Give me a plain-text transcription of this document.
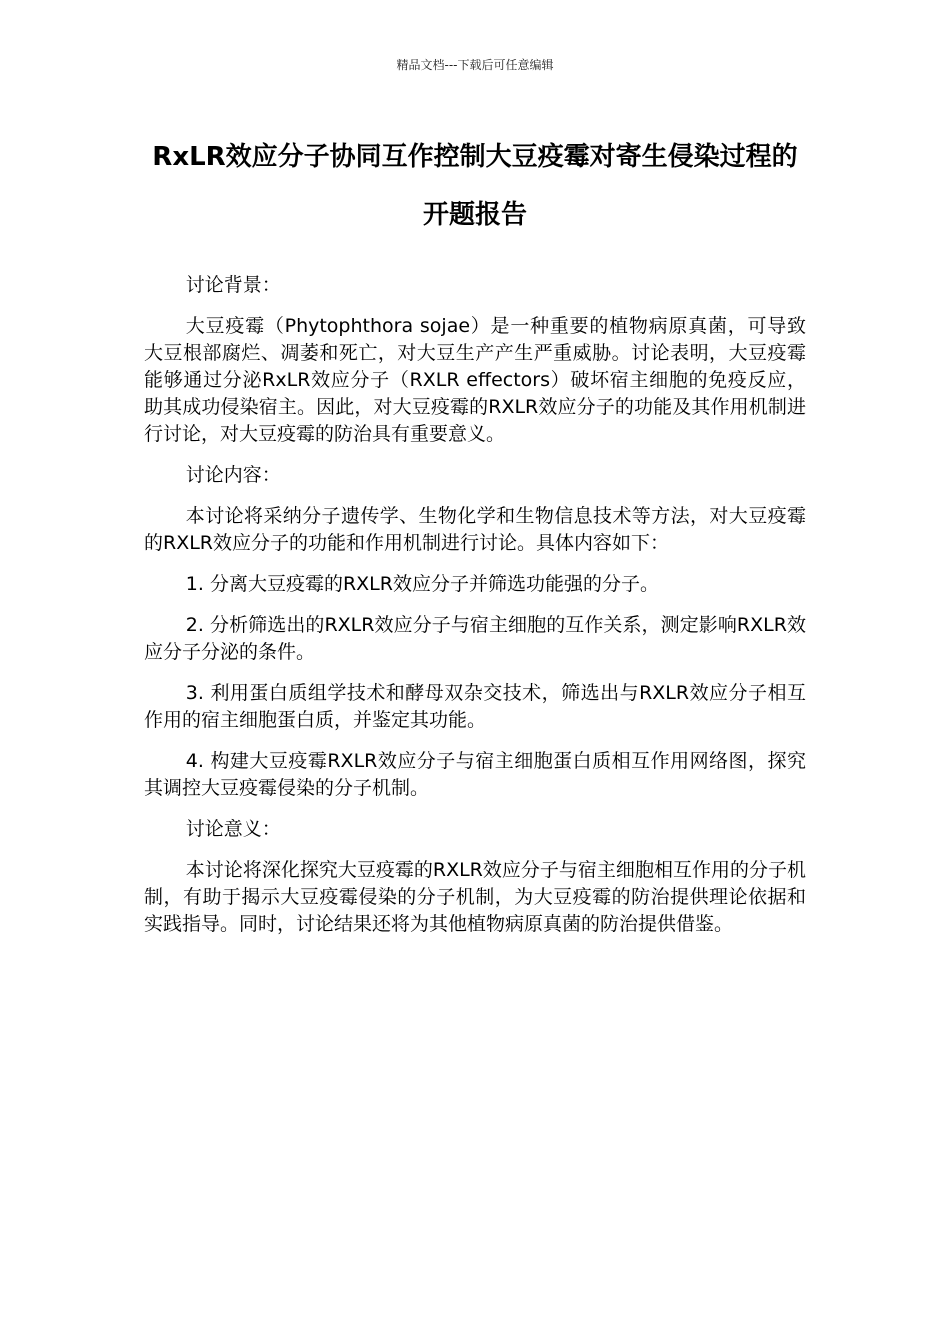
精品文档---下载后可任意编辑
RxLR效应分子协同互作控制大豆疫霉对寄生侵染过程的开题报告

讨论背景：

大豆疫霉（Phytophthora sojae）是一种重要的植物病原真菌，可导致大豆根部腐烂、凋萎和死亡，对大豆生产产生严重威胁。讨论表明，大豆疫霉能够通过分泌RxLR效应分子（RXLR effectors）破坏宿主细胞的免疫反应，助其成功侵染宿主。因此，对大豆疫霉的RXLR效应分子的功能及其作用机制进行讨论，对大豆疫霉的防治具有重要意义。

讨论内容：

本讨论将采纳分子遗传学、生物化学和生物信息技术等方法，对大豆疫霉的RXLR效应分子的功能和作用机制进行讨论。具体内容如下：

1. 分离大豆疫霉的RXLR效应分子并筛选功能强的分子。

2. 分析筛选出的RXLR效应分子与宿主细胞的互作关系，测定影响RXLR效应分子分泌的条件。

3. 利用蛋白质组学技术和酵母双杂交技术，筛选出与RXLR效应分子相互作用的宿主细胞蛋白质，并鉴定其功能。

4. 构建大豆疫霉RXLR效应分子与宿主细胞蛋白质相互作用网络图，探究其调控大豆疫霉侵染的分子机制。

讨论意义：

本讨论将深化探究大豆疫霉的RXLR效应分子与宿主细胞相互作用的分子机制，有助于揭示大豆疫霉侵染的分子机制，为大豆疫霉的防治提供理论依据和实践指导。同时，讨论结果还将为其他植物病原真菌的防治提供借鉴。
